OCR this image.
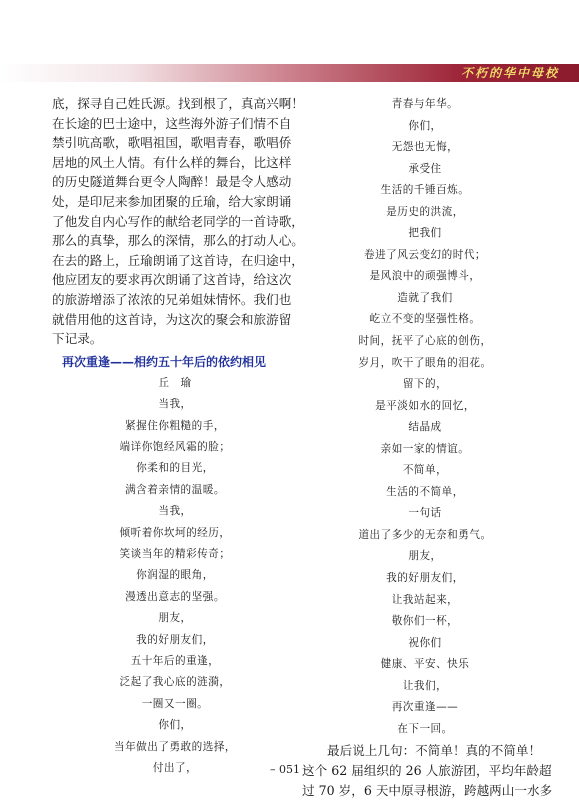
不朽的华中母校

底，探寻自己姓氏源。找到根了，真高兴啊！
在长途的巴士途中，这些海外游子们情不自
禁引吭高歌，歌唱祖国，歌唱青春，歌唱侨
居地的风土人情。有什么样的舞台，比这样
的历史隧道舞台更令人陶醉！最是令人感动
处，是印尼来参加团聚的丘瑜，给大家朗诵
了他发自内心写作的献给老同学的一首诗歌，
那么的真挚，那么的深情，那么的打动人心。
在去的路上，丘瑜朗诵了这首诗，在归途中，
他应团友的要求再次朗诵了这首诗，给这次
的旅游增添了浓浓的兄弟姐妹情怀。我们也
就借用他的这首诗，为这次的聚会和旅游留
下记录。

再次重逢——相约五十年后的依约相见
丘　瑜
当我，
紧握住你粗糙的手，
端详你饱经风霜的脸；
你柔和的目光，
满含着亲情的温暖。
当我，
倾听着你坎坷的经历，
笑谈当年的精彩传奇；
你润湿的眼角，
漫透出意志的坚强。
朋友，
我的好朋友们，
五十年后的重逢，
泛起了我心底的涟漪，
一圈又一圈。
你们，
当年做出了勇敢的选择，
付出了，
青春与年华。
你们，
无怨也无悔，
承受住
生活的千锤百炼。
是历史的洪流，
把我们
卷进了风云变幻的时代；
是风浪中的顽强博斗，
造就了我们
屹立不变的坚强性格。
时间，抚平了心底的创伤，
岁月，吹干了眼角的泪花。
留下的，
是平淡如水的回忆，
结晶成
亲如一家的情谊。
不简单，
生活的不简单，
一句话
道出了多少的无奈和勇气。
朋友，
我的好朋友们，
让我站起来，
敬你们一杯，
祝你们
健康、平安、快乐
让我们，
再次重逢——
在下一回。

最后说上几句：不简单！真的不简单！
这个 62 届组织的 26 人旅游团，平均年龄超
过 70 岁，6 天中原寻根游，跨越两山一水多

– 051 –
